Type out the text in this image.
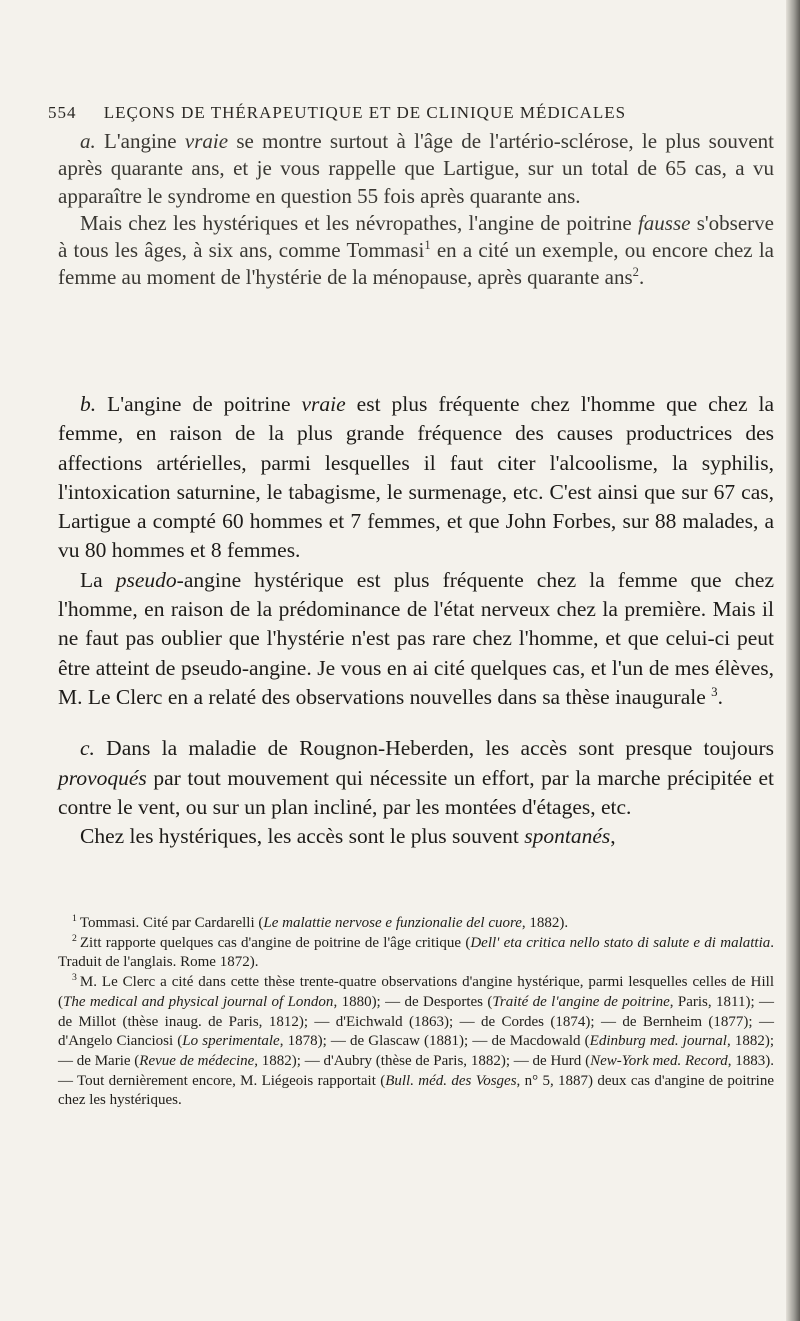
554 LEÇONS DE THÉRAPEUTIQUE ET DE CLINIQUE MÉDICALES

a. L'angine vraie se montre surtout à l'âge de l'artério-sclérose, le plus souvent après quarante ans, et je vous rappelle que Lartigue, sur un total de 65 cas, a vu apparaître le syndrome en question 55 fois après quarante ans.

Mais chez les hystériques et les névropathes, l'angine de poitrine fausse s'observe à tous les âges, à six ans, comme Tommasi$^1$ en a cité un exemple, ou encore chez la femme au moment de l'hystérie de la ménopause, après quarante ans$^2$.

b. L'angine de poitrine vraie est plus fréquente chez l'homme que chez la femme, en raison de la plus grande fréquence des causes productrices des affections artérielles, parmi lesquelles il faut citer l'alcoolisme, la syphilis, l'intoxication saturnine, le tabagisme, le surmenage, etc. C'est ainsi que sur 67 cas, Lartigue a compté 60 hommes et 7 femmes, et que John Forbes, sur 88 malades, a vu 80 hommes et 8 femmes.

La pseudo-angine hystérique est plus fréquente chez la femme que chez l'homme, en raison de la prédominance de l'état nerveux chez la première. Mais il ne faut pas oublier que l'hystérie n'est pas rare chez l'homme, et que celui-ci peut être atteint de pseudo-angine. Je vous en ai cité quelques cas, et l'un de mes élèves, M. Le Clerc en a relaté des observations nouvelles dans sa thèse inaugurale $^3$.

c. Dans la maladie de Rougnon-Heberden, les accès sont presque toujours provoqués par tout mouvement qui nécessite un effort, par la marche précipitée et contre le vent, ou sur un plan incliné, par les montées d'étages, etc.

Chez les hystériques, les accès sont le plus souvent spontanés,

$^1$ Tommasi. Cité par Cardarelli (Le malattie nervose e funzionalie del cuore, 1882).

$^2$ Zitt rapporte quelques cas d'angine de poitrine de l'âge critique (Dell' eta critica nello stato di salute e di malattia. Traduit de l'anglais. Rome 1872).

$^3$ M. Le Clerc a cité dans cette thèse trente-quatre observations d'angine hystérique, parmi lesquelles celles de Hill (The medical and physical journal of London, 1880); — de Desportes (Traité de l'angine de poitrine, Paris, 1811); — de Millot (thèse inaug. de Paris, 1812); — d'Eichwald (1863); — de Cordes (1874); — de Bernheim (1877); — d'Angelo Cianciosi (Lo sperimentale, 1878); — de Glascaw (1881); — de Macdowald (Edinburg med. journal, 1882); — de Marie (Revue de médecine, 1882); — d'Aubry (thèse de Paris, 1882); — de Hurd (New-York med. Record, 1883). — Tout dernièrement encore, M. Liégeois rapportait (Bull. méd. des Vosges, n° 5, 1887) deux cas d'angine de poitrine chez les hystériques.
